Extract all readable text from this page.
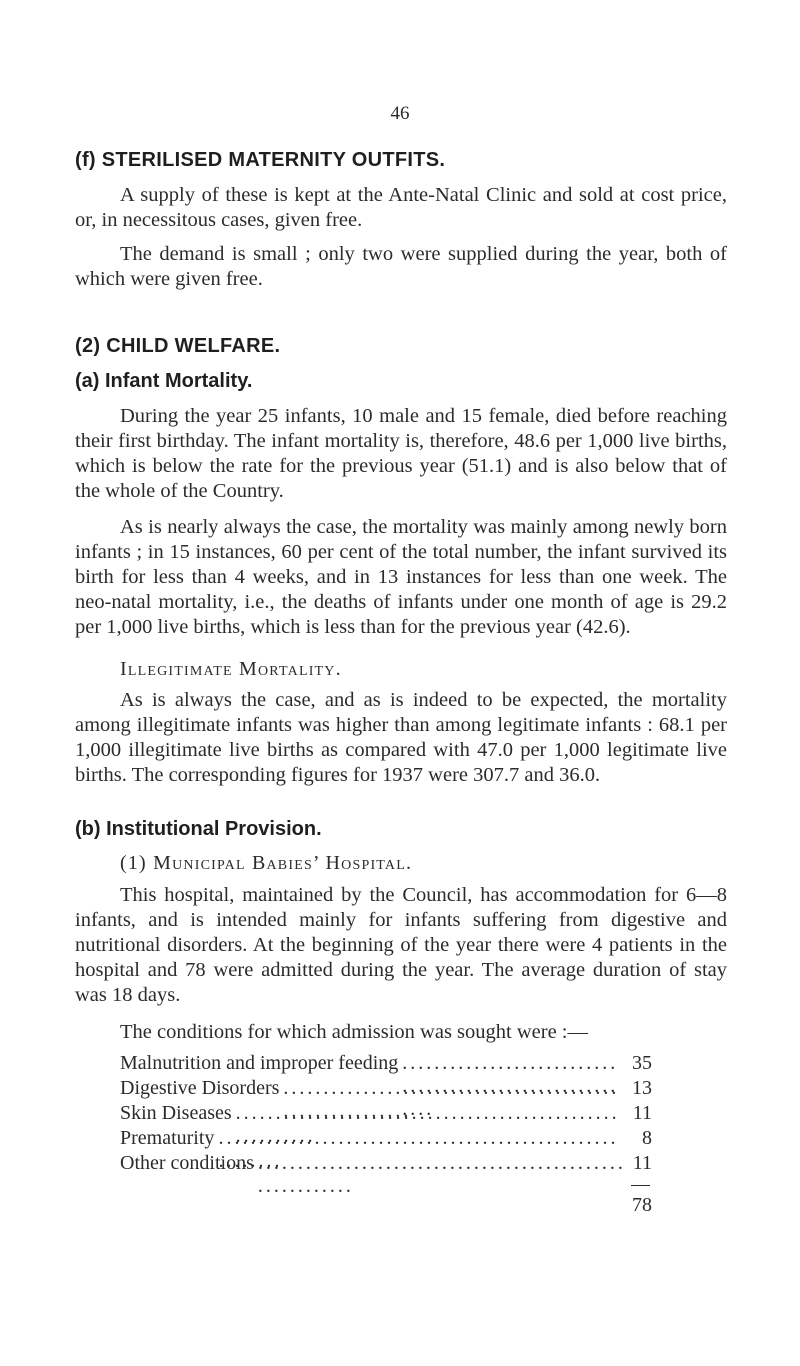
46
(f) STERILISED MATERNITY OUTFITS.

A supply of these is kept at the Ante-Natal Clinic and sold at cost price, or, in necessitous cases, given free.

The demand is small ; only two were supplied during the year, both of which were given free.

(2) CHILD WELFARE.
(a) Infant Mortality.

During the year 25 infants, 10 male and 15 female, died before reaching their first birthday. The infant mortality is, therefore, 48.6 per 1,000 live births, which is below the rate for the previous year (51.1) and is also below that of the whole of the Country.

As is nearly always the case, the mortality was mainly among newly born infants ; in 15 instances, 60 per cent of the total number, the infant survived its birth for less than 4 weeks, and in 13 instances for less than one week. The neo-natal mortality, i.e., the deaths of infants under one month of age is 29.2 per 1,000 live births, which is less than for the previous year (42.6).

Illegitimate Mortality.

As is always the case, and as is indeed to be expected, the mortality among illegitimate infants was higher than among legitimate infants : 68.1 per 1,000 illegitimate live births as compared with 47.0 per 1,000 legitimate live births. The corresponding figures for 1937 were 307.7 and 36.0.

(b) Institutional Provision.
(1) Municipal Babies’ Hospital.

This hospital, maintained by the Council, has accommodation for 6—8 infants, and is intended mainly for infants suffering from digestive and nutritional disorders. At the beginning of the year there were 4 patients in the hospital and 78 were admitted during the year. The average duration of stay was 18 days.

The conditions for which admission was sought were :—

Malnutrition and improper feeding . . .	35
Digestive Disorders . . .	13
Skin Diseases . . .	11
Prematurity . . .	8
Other conditions . . .	11
78
